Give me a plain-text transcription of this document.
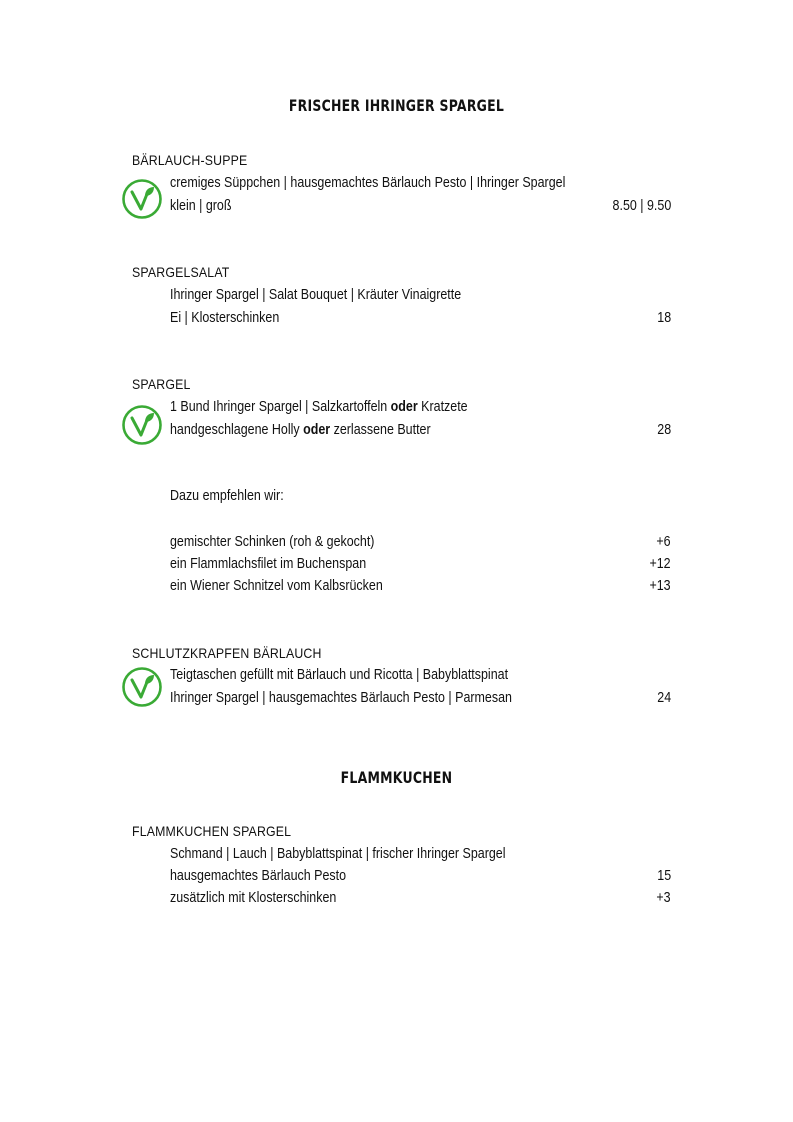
FRISCHER IHRINGER SPARGEL
BÄRLAUCH-SUPPE
cremiges Süppchen | hausgemachtes Bärlauch Pesto | Ihringer Spargel
klein | groß	8.50 | 9.50
SPARGELSALAT
Ihringer Spargel | Salat Bouquet | Kräuter Vinaigrette
Ei | Klosterschinken	18
SPARGEL
1 Bund Ihringer Spargel | Salzkartoffeln oder Kratzete
handgeschlagene Holly oder zerlassene Butter	28
Dazu empfehlen wir:
gemischter Schinken (roh & gekocht)	+6
ein Flammlachsfilet im Buchenspan	+12
ein Wiener Schnitzel vom Kalbsrücken	+13
SCHLUTZKRAPFEN BÄRLAUCH
Teigtaschen gefüllt mit Bärlauch und Ricotta | Babyblattspinat
Ihringer Spargel | hausgemachtes Bärlauch Pesto | Parmesan	24
FLAMMKUCHEN
FLAMMKUCHEN SPARGEL
Schmand | Lauch | Babyblattspinat | frischer Ihringer Spargel
hausgemachtes Bärlauch Pesto	15
zusätzlich mit Klosterschinken	+3
